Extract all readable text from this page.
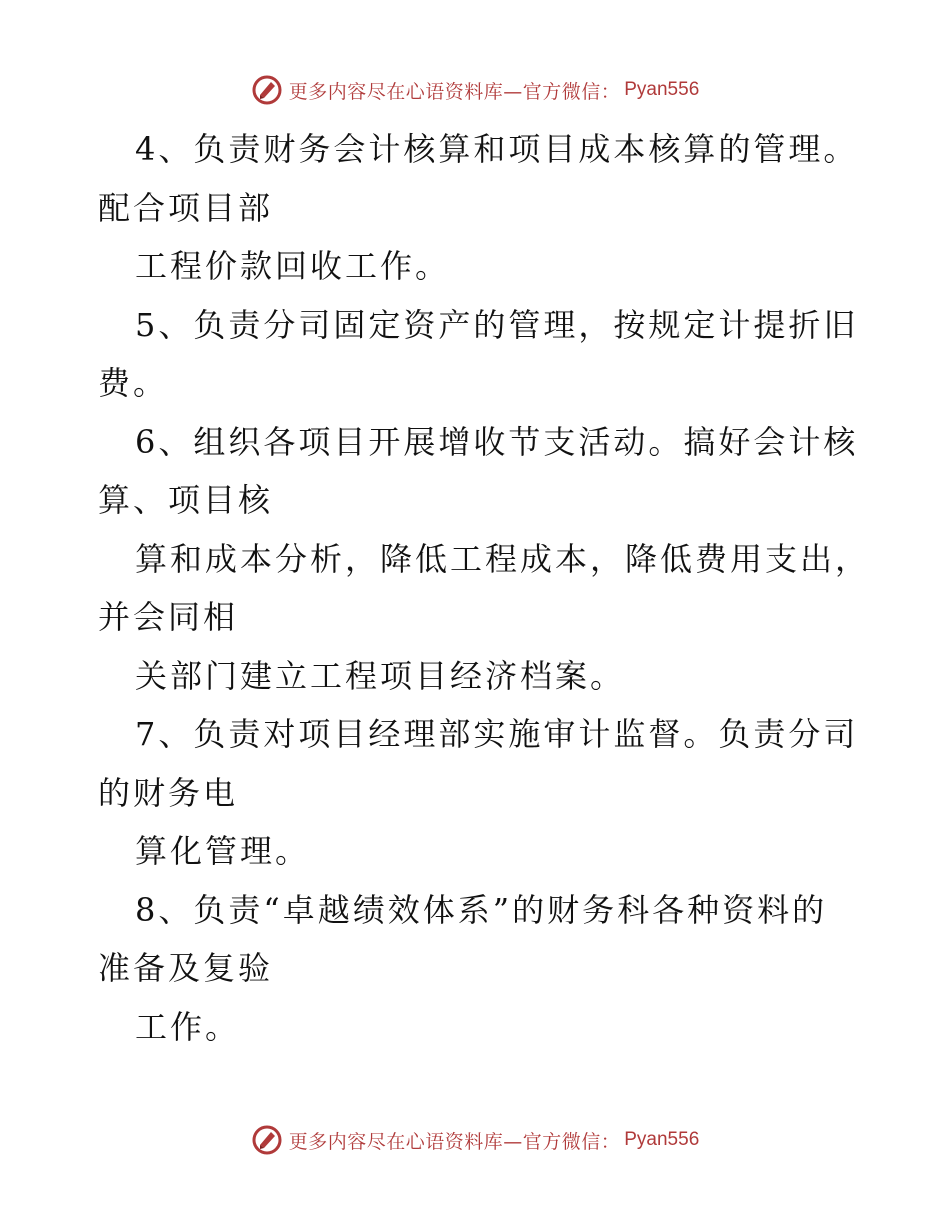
更多内容尽在心语资料库—官方微信： Pyan556
4、负责财务会计核算和项目成本核算的管理。
配合项目部
工程价款回收工作。
5、负责分司固定资产的管理，按规定计提折旧
费。
6、组织各项目开展增收节支活动。搞好会计核
算、项目核
算和成本分析，降低工程成本，降低费用支出，
并会同相
关部门建立工程项目经济档案。
7、负责对项目经理部实施审计监督。负责分司
的财务电
算化管理。
8、负责“卓越绩效体系”的财务科各种资料的
准备及复验
工作。
更多内容尽在心语资料库—官方微信： Pyan556
